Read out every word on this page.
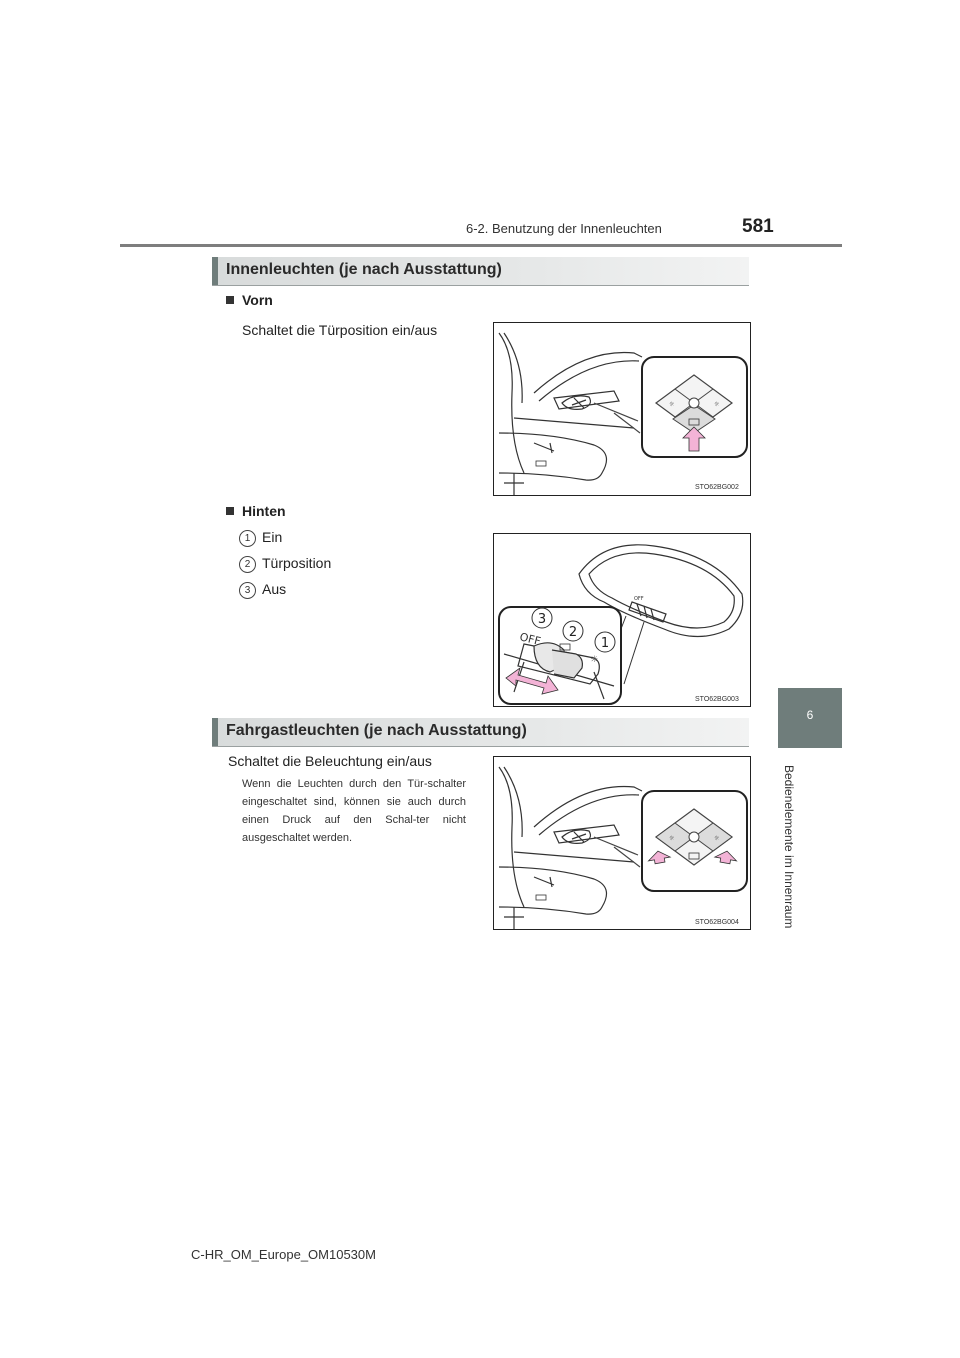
6-2. Benutzung der Innenleuchten	581
6
Bedienelemente im Innenraum
Innenleuchten (je nach Ausstattung)
Vorn
Schaltet die Türposition ein/aus
☼	☼
STO62BG002
Hinten
1 Ein
2 Türposition
3 Aus
OFF
OFF
☼
3
2
1
STO62BG003
Fahrgastleuchten (je nach Ausstattung)
Schaltet die Beleuchtung ein/aus
Wenn die Leuchten durch den Tür-schalter eingeschaltet sind, können sie auch durch einen Druck auf den Schal-ter nicht ausgeschaltet werden.	☼	☼
STO62BG004
C-HR_OM_Europe_OM10530M
